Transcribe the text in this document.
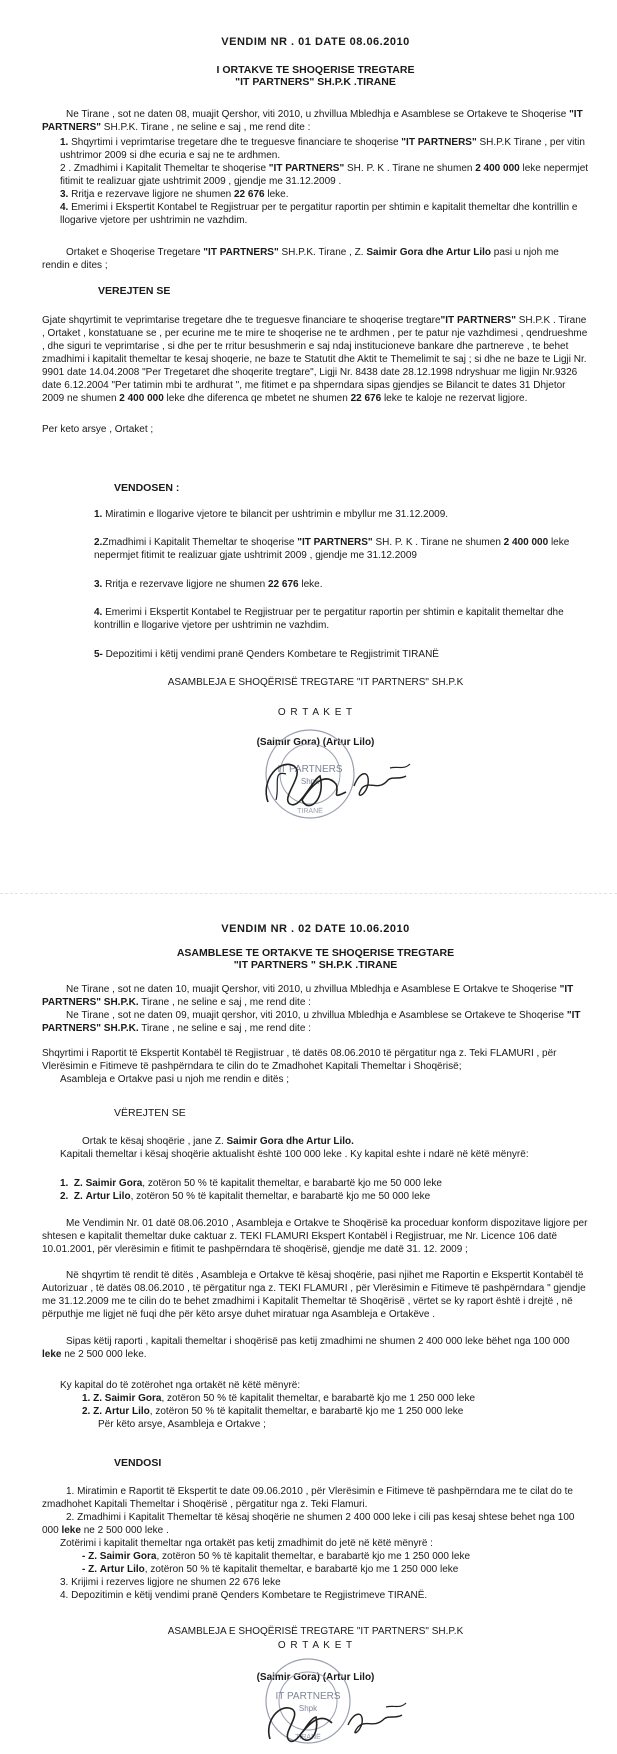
VENDIM NR . 01 DATE 08.06.2010
I ORTAKVE TE SHOQERISE TREGTARE
"IT PARTNERS" SH.P.K .TIRANE

Ne Tirane , sot ne daten 08, muajit Qershor, viti 2010, u zhvillua Mbledhja e Asamblese se Ortakeve te Shoqerise "IT PARTNERS" SH.P.K. Tirane , ne seline e saj , me rend dite :

1. Shqyrtimi i veprimtarise tregetare dhe te treguesve financiare te shoqerise "IT PARTNERS" SH.P.K Tirane , per vitin ushtrimor 2009 si dhe ecuria e saj ne te ardhmen.

2 . Zmadhimi i Kapitalit Themeltar te shoqerise "IT PARTNERS" SH. P. K . Tirane ne shumen 2 400 000 leke nepermjet fitimit te realizuar gjate ushtrimit 2009 , gjendje me 31.12.2009 .

3. Rritja e rezervave ligjore ne shumen 22 676 leke.

4. Emerimi i Ekspertit Kontabel te Regjistruar per te pergatitur raportin per shtimin e kapitalit themeltar dhe kontrillin e llogarive vjetore per ushtrimin ne vazhdim.

Ortaket e Shoqerise Tregetare "IT PARTNERS" SH.P.K. Tirane , Z. Saimir Gora dhe Artur Lilo pasi u njoh me rendin e dites ;

VEREJTEN SE

Gjate shqyrtimit te veprimtarise tregetare dhe te treguesve financiare te shoqerise tregtare"IT PARTNERS" SH.P.K . Tirane , Ortaket , konstatuane se , per ecurine me te mire te shoqerise ne te ardhmen , per te patur nje vazhdimesi , qendrueshme , dhe siguri te veprimtarise , si dhe per te rritur besushmerin e saj ndaj institucioneve bankare dhe partnereve , te behet zmadhimi i kapitalit themeltar te kesaj shoqerie, ne baze te Statutit dhe Aktit te Themelimit te saj ; si dhe ne baze te Ligji Nr. 9901 date 14.04.2008 "Per Tregetaret dhe shoqerite tregtare", Ligji Nr. 8438 date 28.12.1998 ndryshuar me ligjin Nr.9326 date 6.12.2004 "Per tatimin mbi te ardhurat ", me fitimet e pa shperndara sipas gjendjes se Bilancit te dates 31 Dhjetor 2009 ne shumen 2 400 000 leke dhe diferenca qe mbetet ne shumen 22 676 leke te kaloje ne rezervat ligjore.

Per keto arsye , Ortaket ;

VENDOSEN :

1. Miratimin e llogarive vjetore te bilancit per ushtrimin e mbyllur me 31.12.2009.

2.Zmadhimi i Kapitalit Themeltar te shoqerise "IT PARTNERS" SH. P. K . Tirane ne shumen 2 400 000 leke nepermjet fitimit te realizuar gjate ushtrimit 2009 , gjendje me 31.12.2009

3. Rritja e rezervave ligjore ne shumen 22 676 leke.

4. Emerimi i Ekspertit Kontabel te Regjistruar per te pergatitur raportin per shtimin e kapitalit themeltar dhe kontrillin e llogarive vjetore per ushtrimin ne vazhdim.

5- Depozitimi i këtij vendimi pranë Qenders Kombetare te Regjistrimit TIRANË

ASAMBLEJA E SHOQËRISË TREGTARE "IT PARTNERS" SH.P.K

O R T A K E T

(Saimir Gora) (Artur Lilo)

IT PARTNERS
Shpk
TIRANË
VENDIM NR . 02 DATE 10.06.2010
ASAMBLESE TE ORTAKVE TE SHOQERISE TREGTARE
"IT PARTNERS " SH.P.K .TIRANE

Ne Tirane , sot ne daten 10, muajit Qershor, viti 2010, u zhvillua Mbledhja e Asamblese E Ortakve te Shoqerise "IT PARTNERS" SH.P.K. Tirane , ne seline e saj , me rend dite :

Ne Tirane , sot ne daten 09, muajit qershor, viti 2010, u zhvillua Mbledhja e Asamblese se Ortakeve te Shoqerise "IT PARTNERS" SH.P.K. Tirane , ne seline e saj , me rend dite :

Shqyrtimi i Raportit të Ekspertit Kontabël të Regjistruar , të datës 08.06.2010 të përgatitur nga z. Teki FLAMURI , për Vlerësimin e Fitimeve të pashpërndara te cilin do te Zmadhohet Kapitali Themeltar i Shoqërisë;

Asambleja e Ortakve pasi u njoh me rendin e ditës ;

VËREJTEN SE

Ortak te kësaj shoqërie , jane Z. Saimir Gora dhe Artur Lilo.

Kapitali themeltar i kësaj shoqërie aktualisht është 100 000 leke . Ky kapital eshte i ndarë në këtë mënyrë:

1. Z. Saimir Gora, zotëron 50 % të kapitalit themeltar, e barabartë kjo me 50 000 leke

2. Z. Artur Lilo, zotëron 50 % të kapitalit themeltar, e barabartë kjo me 50 000 leke

Me Vendimin Nr. 01 datë 08.06.2010 , Asambleja e Ortakve te Shoqërisë ka proceduar konform dispozitave ligjore per shtesen e kapitalit themeltar duke caktuar z. TEKI FLAMURI Ekspert Kontabël i Regjistruar, me Nr. Licence 106 datë 10.01.2001, për vlerësimin e fitimit te pashpërndara të shoqërisë, gjendje me datë 31. 12. 2009 ;

Në shqyrtim të rendit të ditës , Asambleja e Ortakve të kësaj shoqërie, pasi njihet me Raportin e Ekspertit Kontabël të Autorizuar , të datës 08.06.2010 , të përgatitur nga z. TEKI FLAMURI , për Vlerësimin e Fitimeve të pashpërndara " gjendje me 31.12.2009 me te cilin do te behet zmadhimi i Kapitalit Themeltar të Shoqërisë , vërtet se ky raport është i drejtë , në përputhje me ligjet në fuqi dhe për këto arsye duhet miratuar nga Asambleja e Ortakëve .

Sipas këtij raporti , kapitali themeltar i shoqërisë pas ketij zmadhimi ne shumen 2 400 000 leke bëhet nga 100 000 leke ne 2 500 000 leke.

Ky kapital do të zotërohet nga ortakët në këtë mënyrë:

1. Z. Saimir Gora, zotëron 50 % të kapitalit themeltar, e barabartë kjo me 1 250 000 leke

2. Z. Artur Lilo, zotëron 50 % të kapitalit themeltar, e barabartë kjo me 1 250 000 leke

Për këto arsye, Asambleja e Ortakve ;

VENDOSI

1. Miratimin e Raportit të Ekspertit te date 09.06.2010 , për Vlerësimin e Fitimeve të pashpërndara me te cilat do te zmadhohet Kapitali Themeltar i Shoqërisë , përgatitur nga z. Teki Flamuri.

2. Zmadhimi i Kapitalit Themeltar të kësaj shoqërie ne shumen 2 400 000 leke i cili pas kesaj shtese behet nga 100 000 leke ne 2 500 000 leke .

Zotërimi i kapitalit themeltar nga ortakët pas ketij zmadhimit do jetë në këtë mënyrë :

- Z. Saimir Gora, zotëron 50 % të kapitalit themeltar, e barabartë kjo me 1 250 000 leke

- Z. Artur Lilo, zotëron 50 % të kapitalit themeltar, e barabartë kjo me 1 250 000 leke

3. Krijimi i rezerves ligjore ne shumen 22 676 leke

4. Depozitimin e këtij vendimi pranë Qenders Kombetare te Regjistrimeve TIRANË.

ASAMBLEJA E SHOQËRISË TREGTARE "IT PARTNERS" SH.P.K

O R T A K E T

(Saimir Gora) (Artur Lilo)

IT PARTNERS
Shpk
TIRANË
